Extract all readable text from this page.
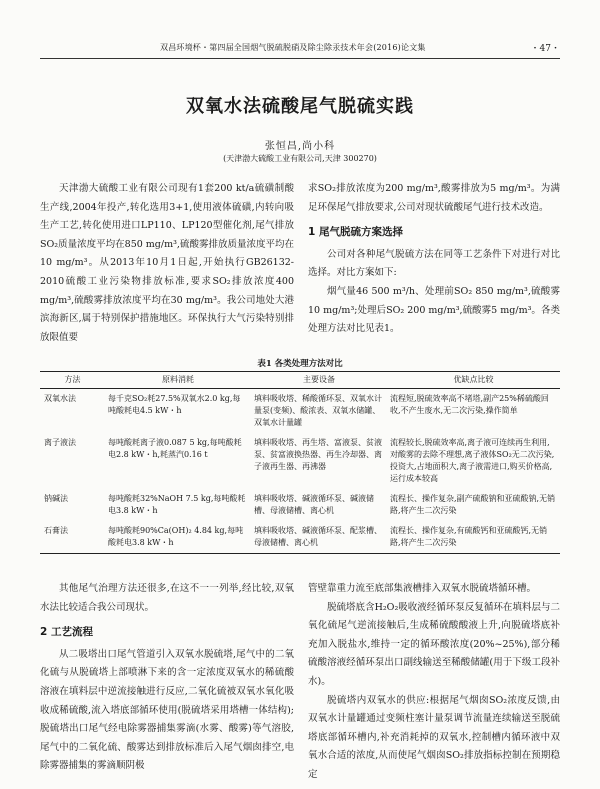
双昌环境杯・第四届全国烟气脱硫脱硝及除尘除汞技术年会(2016)论文集	・47・
双氧水法硫酸尾气脱硫实践
张恒昌,尚小科
(天津渤大硫酸工业有限公司,天津 300270)

天津渤大硫酸工业有限公司现有1套200 kt/a硫磺制酸生产线,2004年投产,转化选用3+1,使用液体硫磺,内转向吸生产工艺,转化使用进口LP110、LP120型催化剂,尾气排放SO₂质量浓度平均在850 mg/m³,硫酸雾排放质量浓度平均在10 mg/m³。从2013年10月1日起,开始执行GB26132-2010硫酸工业污染物排放标准,要求SO₂排放浓度400 mg/m³,硫酸雾排放浓度平均在30 mg/m³。我公司地处大港滨海新区,属于特别保护措施地区。环保执行大气污染特别排放限值要

求SO₂排放浓度为200 mg/m³,酸雾排放为5 mg/m³。为满足环保尾气排放要求,公司对现状硫酸尾气进行技术改造。

1 尾气脱硫方案选择

公司对各种尾气脱硫方法在同等工艺条件下对进行对比选择。对比方案如下:

烟气量46 500 m³/h、处理前SO₂ 850 mg/m³,硫酸雾10 mg/m³;处理后SO₂ 200 mg/m³,硫酸雾5 mg/m³。各类处理方法对比见表1。

表1 各类处理方法对比
方法	原料消耗	主要设备	优缺点比较
双氧水法	每千克SO₂耗27.5%双氧水2.0 kg,每吨酸耗电4.5 kW・h	填料吸收塔、稀酸循环泵、双氧水计量泵(变频)、酸浓表、双氧水储罐、双氧水计量罐	流程短,脱硫效率高不堵塔,副产25%稀硫酸回收,不产生废水,无二次污染,操作简单
离子液法	每吨酸耗离子液0.087 5 kg,每吨酸耗电2.8 kW・h,耗蒸汽0.16 t	填料吸收塔、再生塔、富液泵、贫液泵、贫富液换热器、再生冷却器、离子液再生器、再沸器	流程较长,脱硫效率高,离子液可连续再生利用,对酸雾的去除不理想,离子液体SO₂无二次污染,投资大,占地面积大,离子液需进口,购买价格高,运行成本较高
钠碱法	每吨酸耗32%NaOH 7.5 kg,每吨酸耗电3.8 kW・h	填料吸收塔、碱液循环泵、碱液储槽、母液储槽、离心机	流程长、操作复杂,副产硫酸钠和亚硫酸钠,无销路,将产生二次污染
石膏法	每吨酸耗90%Ca(OH)₂ 4.84 kg,每吨酸耗电3.8 kW・h	填料吸收塔、碱液循环泵、配浆槽、母液储槽、离心机	流程长、操作复杂,有硫酸钙和亚硫酸钙,无销路,将产生二次污染

其他尾气治理方法还很多,在这不一一列举,经比较,双氧水法比较适合我公司现状。

2 工艺流程

从二吸塔出口尾气管道引入双氧水脱硫塔,尾气中的二氧化硫与从脱硫塔上部喷淋下来的含一定浓度双氧水的稀硫酸溶液在填料层中逆流接触进行反应,二氧化硫被双氧水氧化吸收成稀硫酸,流入塔底部循环使用(脱硫塔采用塔槽一体结构);脱硫塔出口尾气经电除雾器捕集雾滴(水雾、酸雾)等气溶胶,尾气中的二氧化硫、酸雾达到排放标准后入尾气烟囱排空,电除雾器捕集的雾滴顺阴极

管壁靠重力流至底部集液槽排入双氧水脱硫塔循环槽。

脱硫塔底含H₂O₂吸收液经循环泵反复循环在填料层与二氧化硫尾气逆流接触后,生成稀硫酸酸液上升,向脱硫塔底补充加入脱盐水,维持一定的循环酸浓度(20%~25%),部分稀硫酸溶液经循环泵出口副线输送至稀酸储罐(用于下级工段补水)。

脱硫塔内双氧水的供应:根据尾气烟囱SO₂浓度反馈,由双氧水计量罐通过变频柱塞计量泵调节流量连续输送至脱硫塔底部循环槽内,补充消耗掉的双氧水,控制槽内循环液中双氧水合适的浓度,从而使尾气烟囱SO₂排放指标控制在预期稳定
